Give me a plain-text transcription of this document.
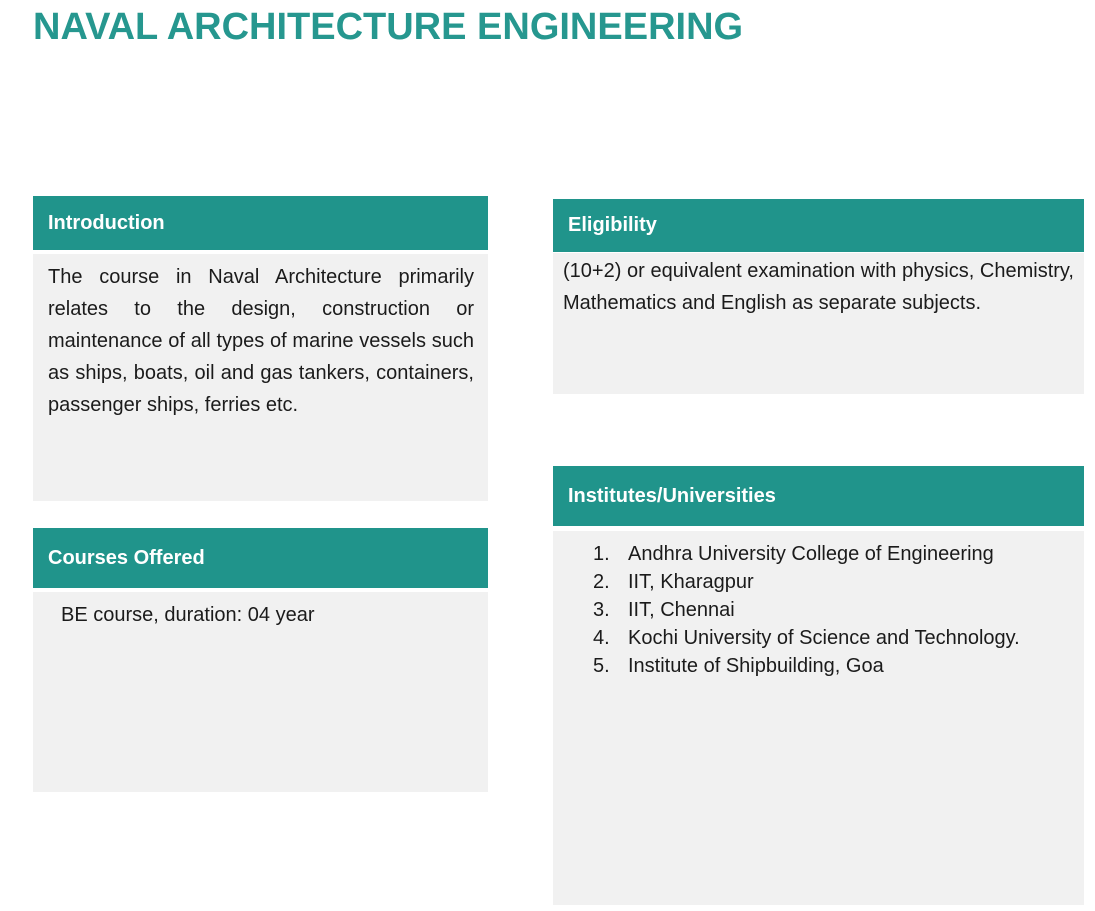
NAVAL ARCHITECTURE ENGINEERING
Introduction
The course in Naval Architecture primarily relates to the design, construction or maintenance of all types of marine vessels such as ships, boats, oil and gas tankers, containers, passenger ships, ferries etc.
Courses Offered
BE course, duration: 04 year
Eligibility
(10+2) or equivalent examination with physics, Chemistry, Mathematics and English as separate subjects.
Institutes/Universities
1. Andhra University College of Engineering
2. IIT, Kharagpur
3. IIT, Chennai
4. Kochi University of Science and Technology.
5. Institute of Shipbuilding, Goa
